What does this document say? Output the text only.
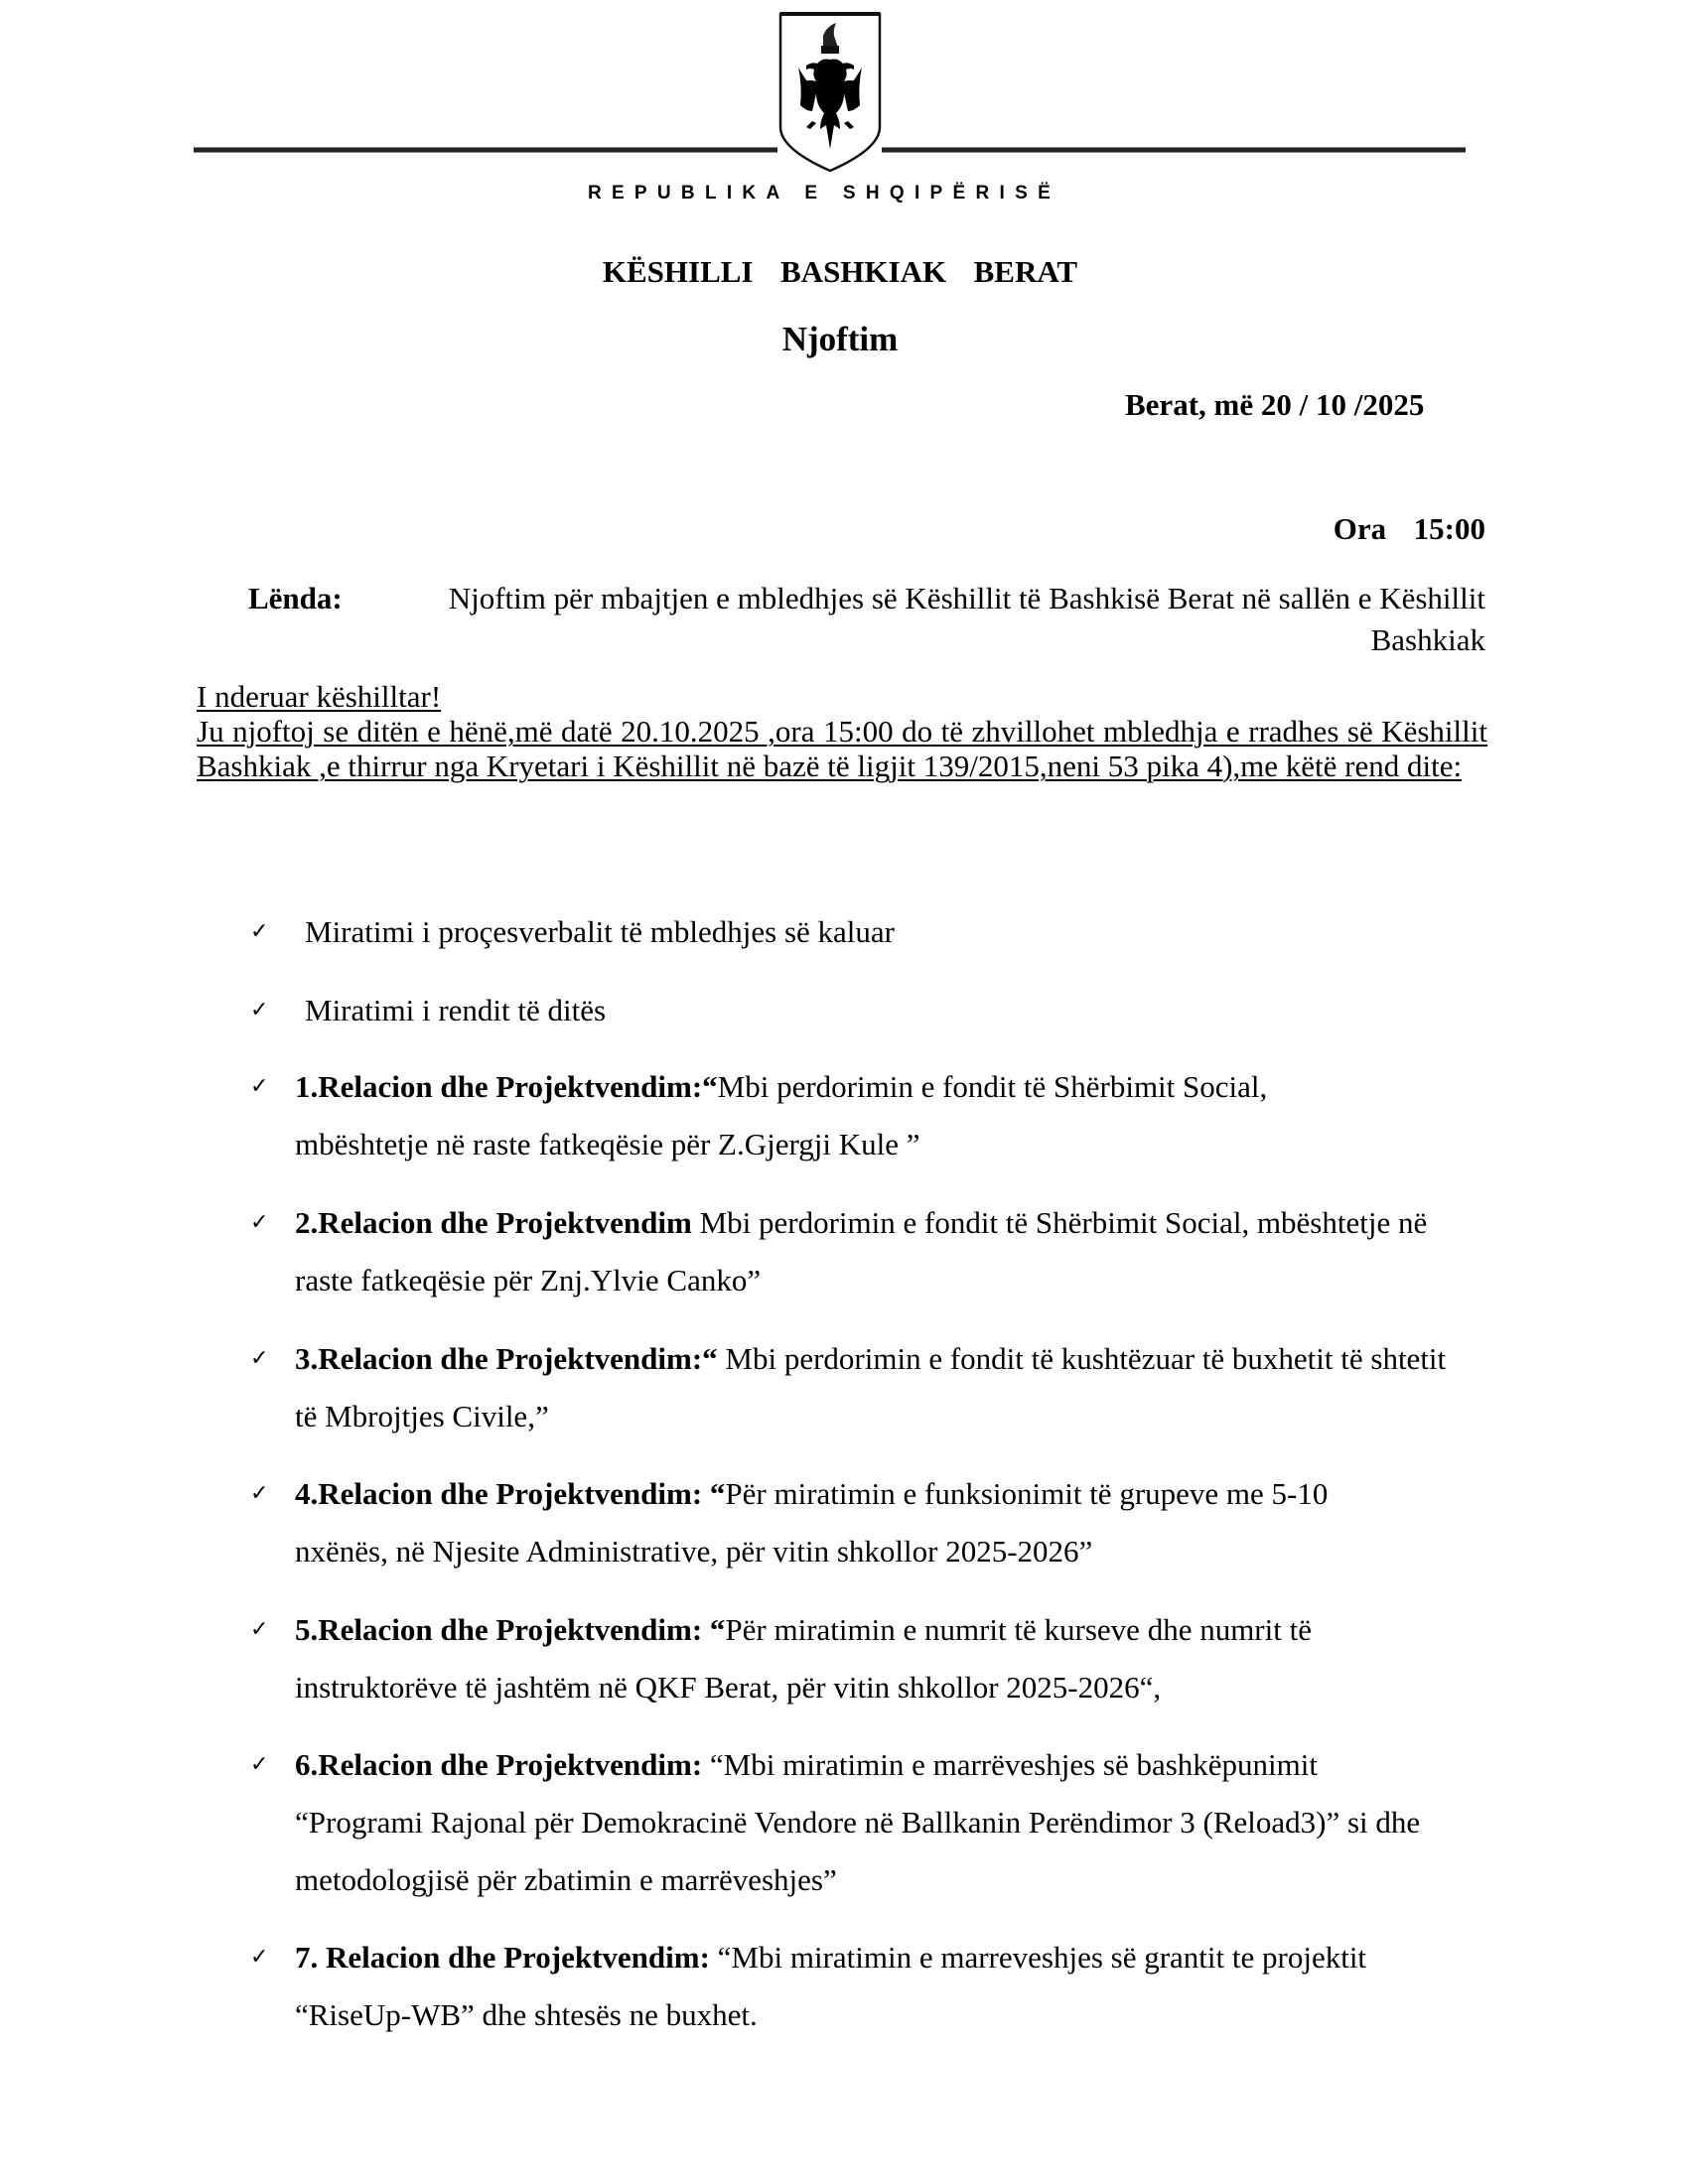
REPUBLIKA E SHQIPËRISË
KËSHILLI  BASHKIAK  BERAT
Njoftim
Berat, më 20 / 10 /2025
Ora  15:00
Lënda:	Njoftim për mbajtjen e mbledhjes së Këshillit të Bashkisë Berat në sallën e Këshillit Bashkiak
I nderuar këshilltar!
Ju njoftoj se ditën e hënë,më datë 20.10.2025 ,ora 15:00 do të zhvillohet mbledhja e rradhes së Këshillit Bashkiak ,e thirrur nga Kryetari i Këshillit në bazë të ligjit 139/2015,neni 53 pika 4),me këtë rend dite:
✓ Miratimi i proçesverbalit të mbledhjes së kaluar
✓ Miratimi i rendit të ditës
✓ 1.Relacion dhe Projektvendim:“Mbi perdorimin e fondit të Shërbimit Social, mbështetje në raste fatkeqësie për Z.Gjergji Kule ”
✓ 2.Relacion dhe Projektvendim Mbi perdorimin e fondit të Shërbimit Social, mbështetje në raste fatkeqësie për Znj.Ylvie Canko”
✓ 3.Relacion dhe Projektvendim:“ Mbi perdorimin e fondit të kushtëzuar të buxhetit të shtetit të Mbrojtjes Civile,”
✓ 4.Relacion dhe Projektvendim: “Për miratimin e funksionimit të grupeve me 5-10 nxënës, në Njesite Administrative, për vitin shkollor 2025-2026”
✓ 5.Relacion dhe Projektvendim: “Për miratimin e numrit të kurseve dhe numrit të instruktorëve të jashtëm në QKF Berat, për vitin shkollor 2025-2026“,
✓ 6.Relacion dhe Projektvendim: “Mbi miratimin e marrëveshjes së bashkëpunimit “Programi Rajonal për Demokracinë Vendore në Ballkanin Perëndimor 3 (Reload3)” si dhe metodologjisë për zbatimin e marrëveshjes”
✓ 7. Relacion dhe Projektvendim: “Mbi miratimin e marreveshjes së grantit te projektit “RiseUp-WB” dhe shtesës ne buxhet.
